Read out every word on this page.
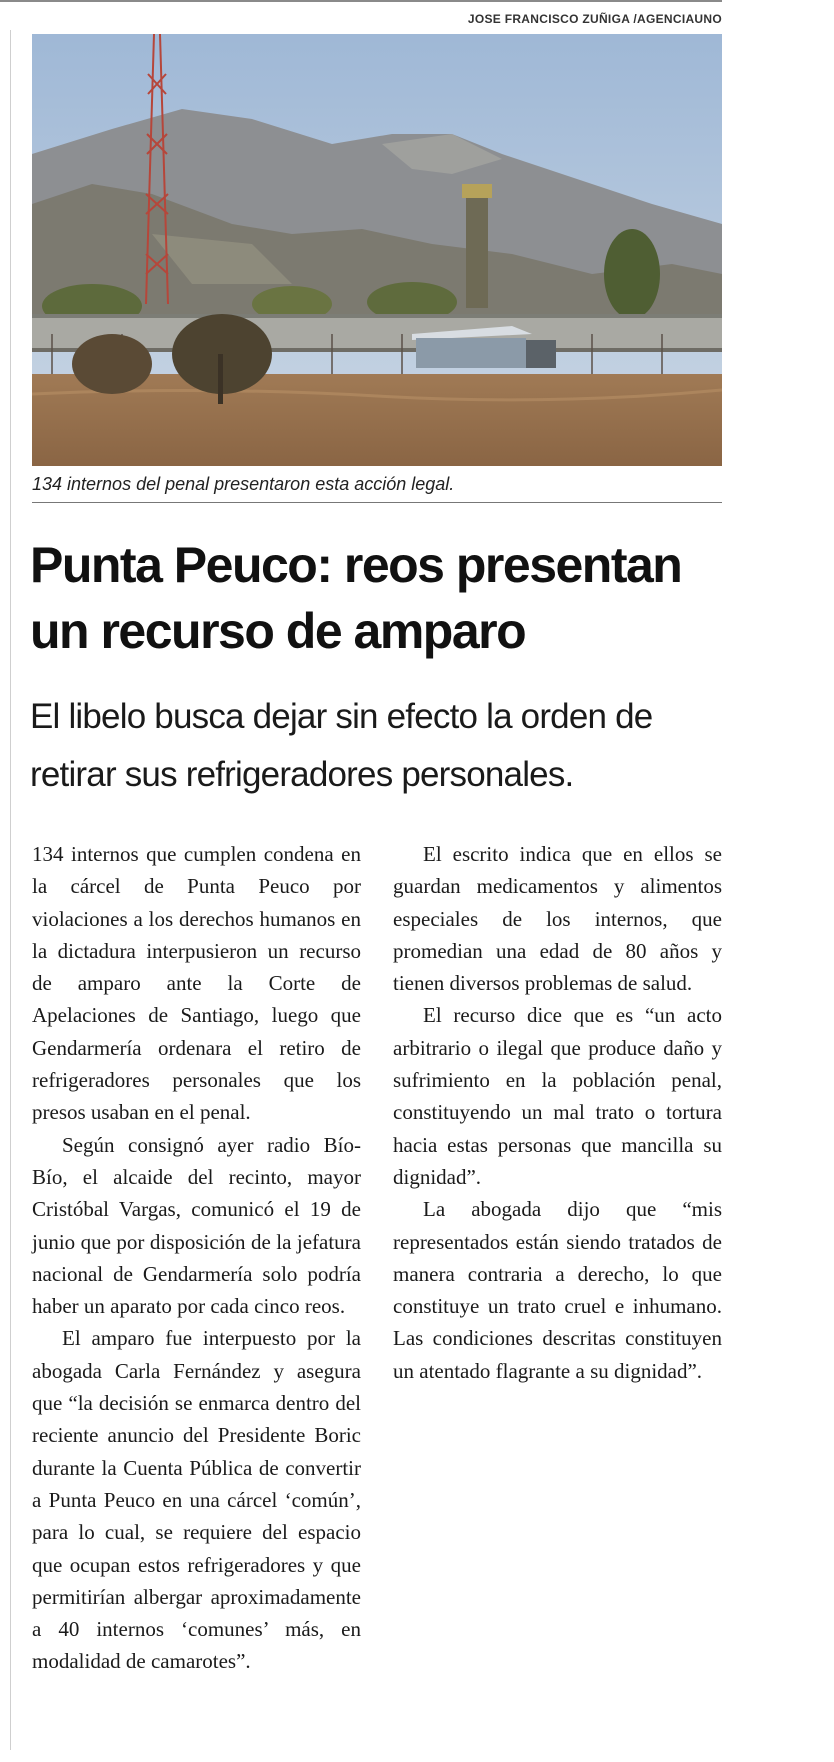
JOSE FRANCISCO ZUÑIGA /AGENCIAUNO
134 internos del penal presentaron esta acción legal.
Punta Peuco: reos presentan
un recurso de amparo
El libelo busca dejar sin efecto la orden de
retirar sus refrigeradores personales.

134 internos que cumplen condena en la cárcel de Punta Peuco por violaciones a los derechos humanos en la dictadura interpusieron un recurso de amparo ante la Corte de Apelaciones de Santiago, luego que Gendarmería ordenara el retiro de refrigeradores personales que los presos usaban en el penal.

Según consignó ayer radio Bío-Bío, el alcaide del recinto, mayor Cristóbal Vargas, comunicó el 19 de junio que por disposición de la jefatura nacional de Gendarmería solo podría haber un aparato por cada cinco reos.

El amparo fue interpuesto por la abogada Carla Fernández y asegura que “la decisión se enmarca dentro del reciente anuncio del Presidente Boric durante la Cuenta Pública de convertir a Punta Peuco en una cárcel ‘común’, para lo cual, se requiere del espacio que ocupan estos refrigeradores y que permitirían albergar aproximadamente a 40 internos ‘comunes’ más, en modalidad de camarotes”.

El escrito indica que en ellos se guardan medicamentos y alimentos especiales de los internos, que promedian una edad de 80 años y tienen diversos problemas de salud.

El recurso dice que es “un acto arbitrario o ilegal que produce daño y sufrimiento en la población penal, constituyendo un mal trato o tortura hacia estas personas que mancilla su dignidad”.

La abogada dijo que “mis representados están siendo tratados de manera contraria a derecho, lo que constituye un trato cruel e inhumano. Las condiciones descritas constituyen un atentado flagrante a su dignidad”.
